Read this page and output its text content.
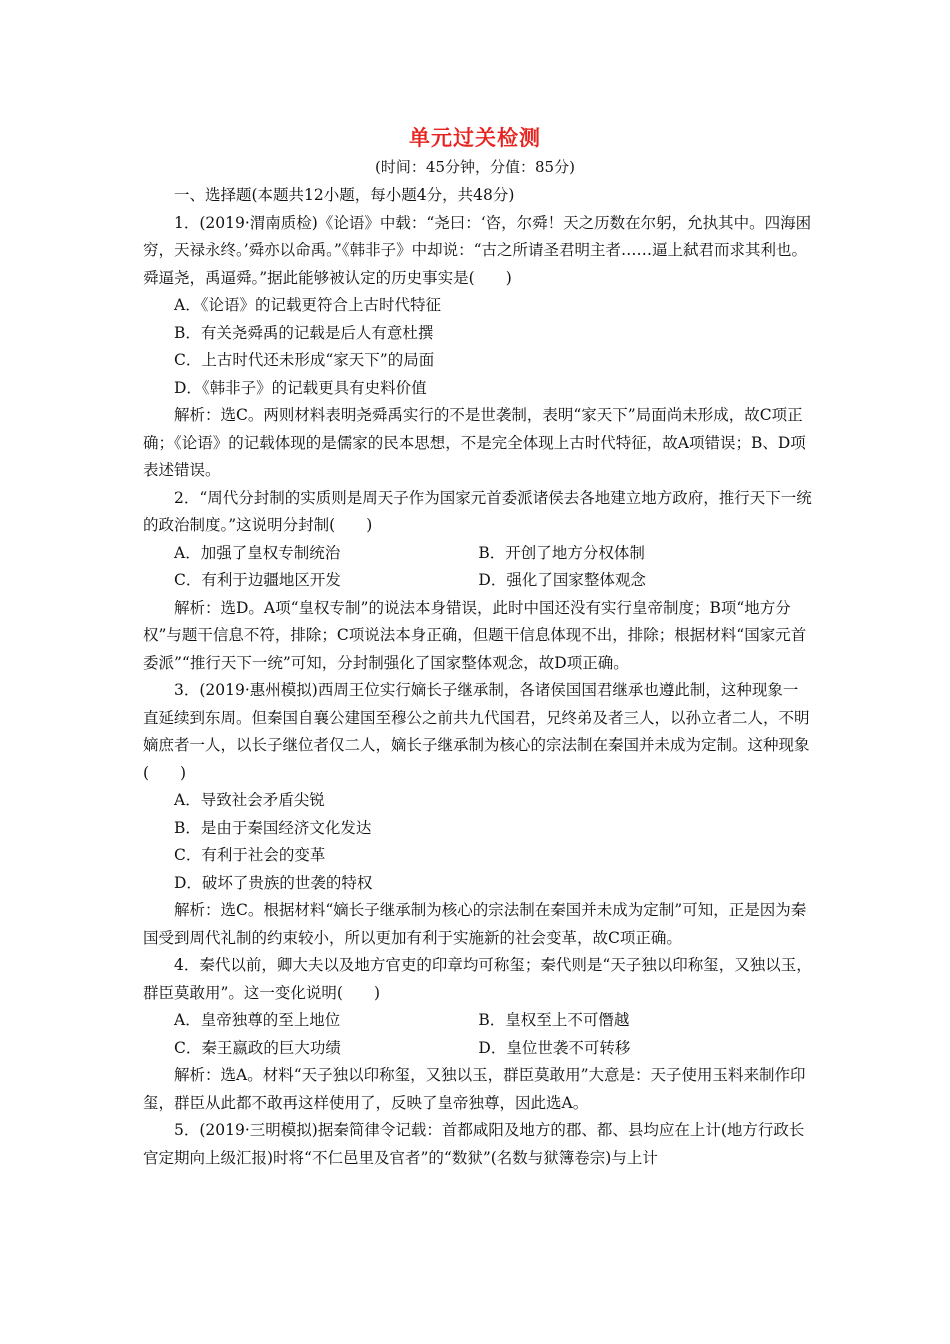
单元过关检测
(时间：45分钟，分值：85分)

一、选择题(本题共12小题，每小题4分，共48分)

1．(2019·渭南质检)《论语》中载：“尧曰：‘咨，尔舜！天之历数在尔躬，允执其中。四海困穷，天禄永终。’舜亦以命禹。”《韩非子》中却说：“古之所请圣君明主者……逼上弑君而求其利也。舜逼尧，禹逼舜。”据此能够被认定的历史事实是(　　)

A．《论语》的记载更符合上古时代特征

B．有关尧舜禹的记载是后人有意杜撰

C．上古时代还未形成“家天下”的局面

D．《韩非子》的记载更具有史料价值

解析：选C。两则材料表明尧舜禹实行的不是世袭制，表明“家天下”局面尚未形成，故C项正确；《论语》的记载体现的是儒家的民本思想，不是完全体现上古时代特征，故A项错误；B、D项表述错误。

2．“周代分封制的实质则是周天子作为国家元首委派诸侯去各地建立地方政府，推行天下一统的政治制度。”这说明分封制(　　)

A．加强了皇权专制统治	B．开创了地方分权体制
C．有利于边疆地区开发	D．强化了国家整体观念

解析：选D。A项“皇权专制”的说法本身错误，此时中国还没有实行皇帝制度；B项“地方分权”与题干信息不符，排除；C项说法本身正确，但题干信息体现不出，排除；根据材料“国家元首委派”“推行天下一统”可知，分封制强化了国家整体观念，故D项正确。

3．(2019·惠州模拟)西周王位实行嫡长子继承制，各诸侯国国君继承也遵此制，这种现象一直延续到东周。但秦国自襄公建国至穆公之前共九代国君，兄终弟及者三人，以孙立者二人，不明嫡庶者一人，以长子继位者仅二人，嫡长子继承制为核心的宗法制在秦国并未成为定制。这种现象(　　)

A．导致社会矛盾尖锐

B．是由于秦国经济文化发达

C．有利于社会的变革

D．破坏了贵族的世袭的特权

解析：选C。根据材料“嫡长子继承制为核心的宗法制在秦国并未成为定制”可知，正是因为秦国受到周代礼制的约束较小，所以更加有利于实施新的社会变革，故C项正确。

4．秦代以前，卿大夫以及地方官吏的印章均可称玺；秦代则是“天子独以印称玺，又独以玉，群臣莫敢用”。这一变化说明(　　)

A．皇帝独尊的至上地位	B．皇权至上不可僭越
C．秦王嬴政的巨大功绩	D．皇位世袭不可转移

解析：选A。材料“天子独以印称玺，又独以玉，群臣莫敢用”大意是：天子使用玉料来制作印玺，群臣从此都不敢再这样使用了，反映了皇帝独尊，因此选A。

5．(2019·三明模拟)据秦简律令记载：首都咸阳及地方的郡、都、县均应在上计(地方行政长官定期向上级汇报)时将“不仁邑里及官者”的“数狱”(名数与狱簿卷宗)与上计
